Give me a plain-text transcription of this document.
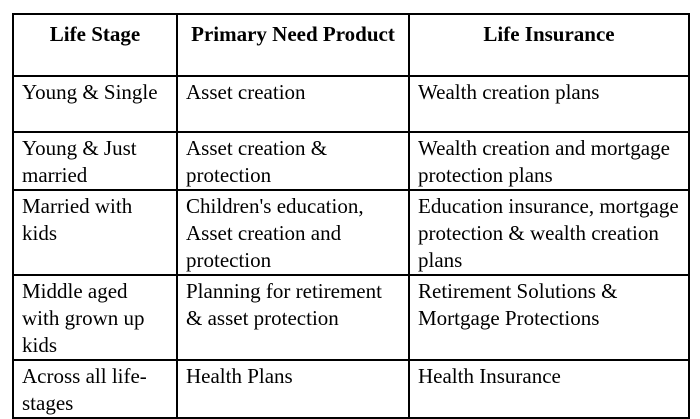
Life Stage	Primary Need Product	Life Insurance
Young & Single	Asset creation	Wealth creation plans
Young & Just married	Asset creation & protection	Wealth creation and mortgage protection plans
Married with kids	Children's education, Asset creation and protection	Education insurance, mortgage protection & wealth creation plans
Middle aged with grown up kids	Planning for retirement & asset protection	Retirement Solutions & Mortgage Protections
Across all life-stages	Health Plans	Health Insurance
